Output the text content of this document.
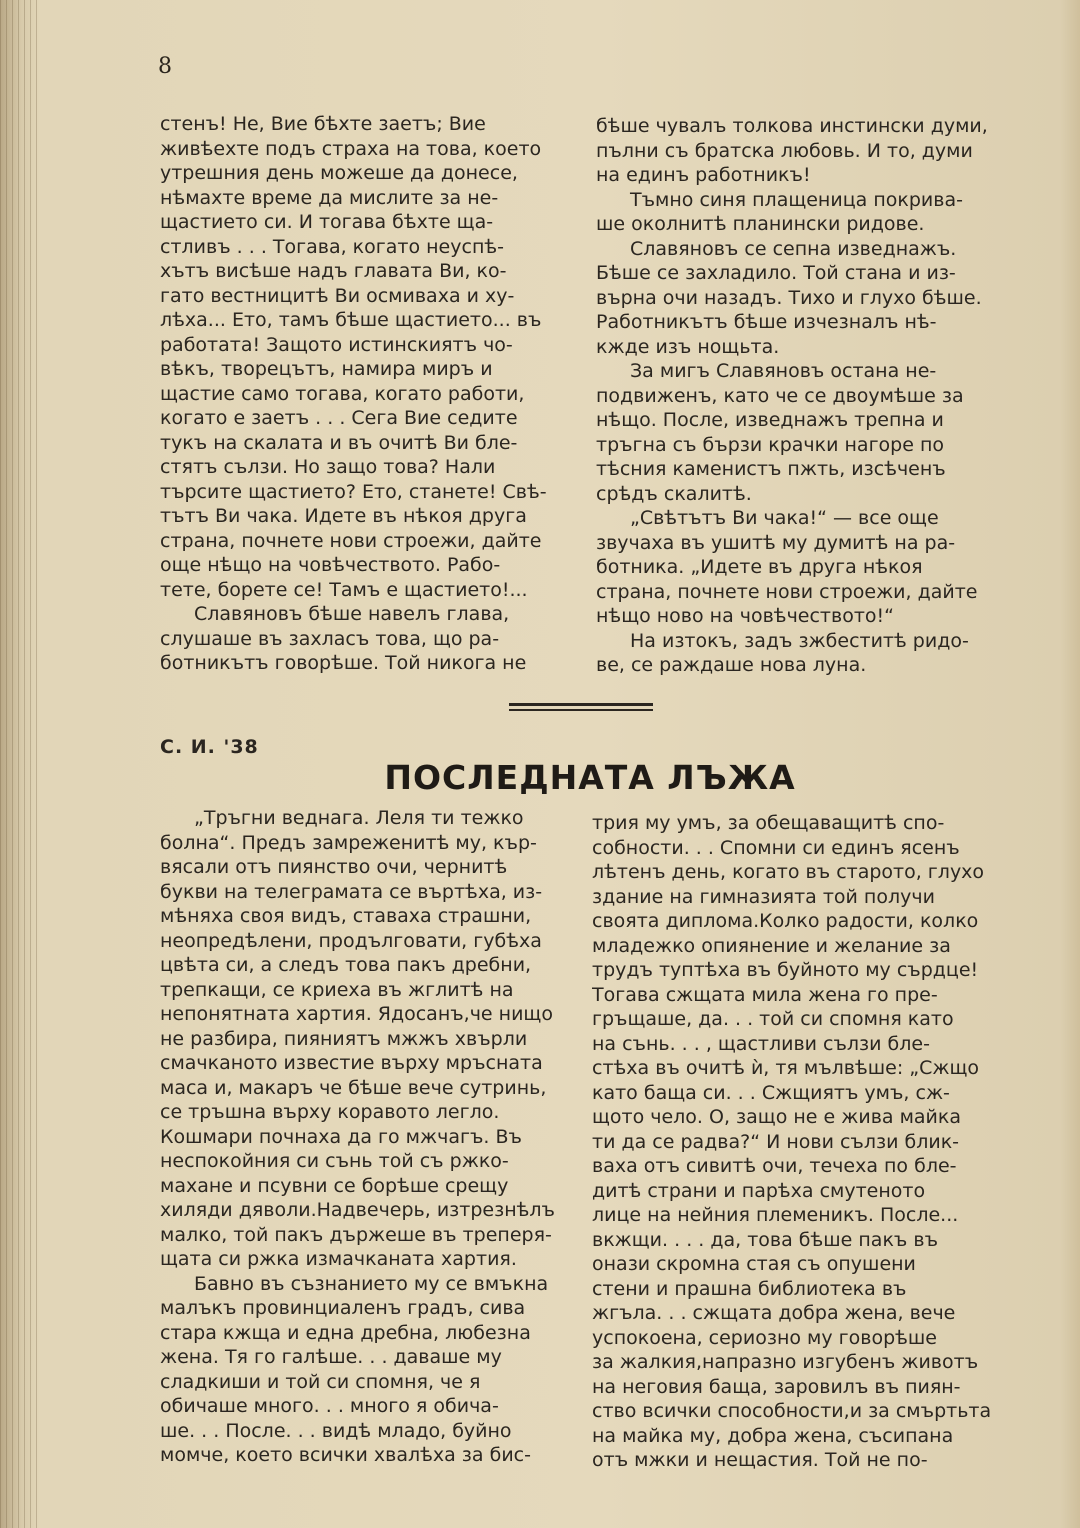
8
стенъ! Не, Вие бѣхте заетъ; Вие
живѣехте подъ страха на това, което
утрешния день можеше да донесе,
нѣмахте време да мислите за не-
щастието си. И тогава бѣхте ща-
стливъ . . . Тогава, когато неуспѣ-
хътъ висѣше надъ главата Ви, ко-
гато вестницитѣ Ви осмиваха и ху-
лѣха... Ето, тамъ бѣше щастието... въ
работата! Защото истинскиятъ чо-
вѣкъ, творецътъ, намира миръ и
щастие само тогава, когато работи,
когато е заетъ . . . Сега Вие седите
тукъ на скалата и въ очитѣ Ви бле-
стятъ сълзи. Но защо това? Нали
търсите щастието? Ето, станете! Свѣ-
тътъ Ви чака. Идете въ нѣкоя друга
страна, почнете нови строежи, дайте
още нѣщо на човѣчеството. Рабо-
тете, борете се! Тамъ е щастието!...
Славяновъ бѣше навелъ глава,
слушаше въ захласъ това, що ра-
ботникътъ говорѣше. Той никога не
бѣше чувалъ толкова инстински думи,
пълни съ братска любовь. И то, думи
на единъ работникъ!
Тъмно синя плащеница покрива-
ше околнитѣ планински ридове.
Славяновъ се сепна изведнажъ.
Бѣше се захладило. Той стана и из-
върна очи назадъ. Тихо и глухо бѣше.
Работникътъ бѣше изчезналъ нѣ-
кжде изъ нощьта.
За мигъ Славяновъ остана не-
подвиженъ, като че се двоумѣше за
нѣщо. После, изведнажъ трепна и
тръгна съ бързи крачки нагоре по
тѣсния каменистъ пжть, изсѣченъ
срѣдъ скалитѣ.
„Свѣтътъ Ви чака!“ — все още
звучаха въ ушитѣ му думитѣ на ра-
ботника. „Идете въ друга нѣкоя
страна, почнете нови строежи, дайте
нѣщо ново на човѣчеството!“
На изтокъ, задъ зжбеститѣ ридо-
ве, се раждаше нова луна.
С. И. '38
ПОСЛЕДНАТА ЛЪЖА
„Тръгни веднага. Леля ти тежко
болна“. Предъ замреженитѣ му, кър-
вясали отъ пиянство очи, чернитѣ
букви на телеграмата се въртѣха, из-
мѣняха своя видъ, ставаха страшни,
неопредѣлени, продълговати, губѣха
цвѣта си, а следъ това пакъ дребни,
трепкащи, се криеха въ жглитѣ на
непонятната хартия. Ядосанъ,че нищо
не разбира, пияниятъ мжжъ хвърли
смачканото известие върху мръсната
маса и, макаръ че бѣше вече сутринь,
се тръшна върху коравото легло.
Кошмари почнаха да го мжчагъ. Въ
неспокойния си сънь той съ ржко-
махане и псувни се борѣше срещу
хиляди дяволи.Надвечерь, изтрезнѣлъ
малко, той пакъ държеше въ треперя-
щата си ржка измачканата хартия.
Бавно въ съзнанието му се вмъкна
малъкъ провинциаленъ градъ, сива
стара кжща и една дребна, любезна
жена. Тя го галѣше. . . даваше му
сладкиши и той си спомня, че я
обичаше много. . . много я обича-
ше. . . После. . . видѣ младо, буйно
момче, което всички хвалѣха за бис-
трия му умъ, за обещаващитѣ спо-
собности. . . Спомни си единъ ясенъ
лѣтенъ день, когато въ старото, глухо
здание на гимназията той получи
своята диплома.Колко радости, колко
младежко опиянение и желание за
трудъ туптѣха въ буйното му сърдце!
Тогава сжщата мила жена го пре-
гръщаше, да. . . той си спомня като
на сънь. . . , щастливи сълзи бле-
стѣха въ очитѣ ѝ, тя мълвѣше: „Сжщо
като баща си. . . Сжщиятъ умъ, сж-
щото чело. О, защо не е жива майка
ти да се радва?“ И нови сълзи блик-
ваха отъ сивитѣ очи, течеха по бле-
дитѣ страни и парѣха смутеното
лице на нейния племеникъ. После...
вкжщи. . . . да, това бѣше пакъ въ
онази скромна стая съ опушени
стени и прашна библиотека въ
жгъла. . . сжщата добра жена, вече
успокоена, сериозно му говорѣше
за жалкия,напразно изгубенъ животъ
на неговия баща, заровилъ въ пиян-
ство всички способности,и за смъртьта
на майка му, добра жена, съсипана
отъ мжки и нещастия. Той не по-
